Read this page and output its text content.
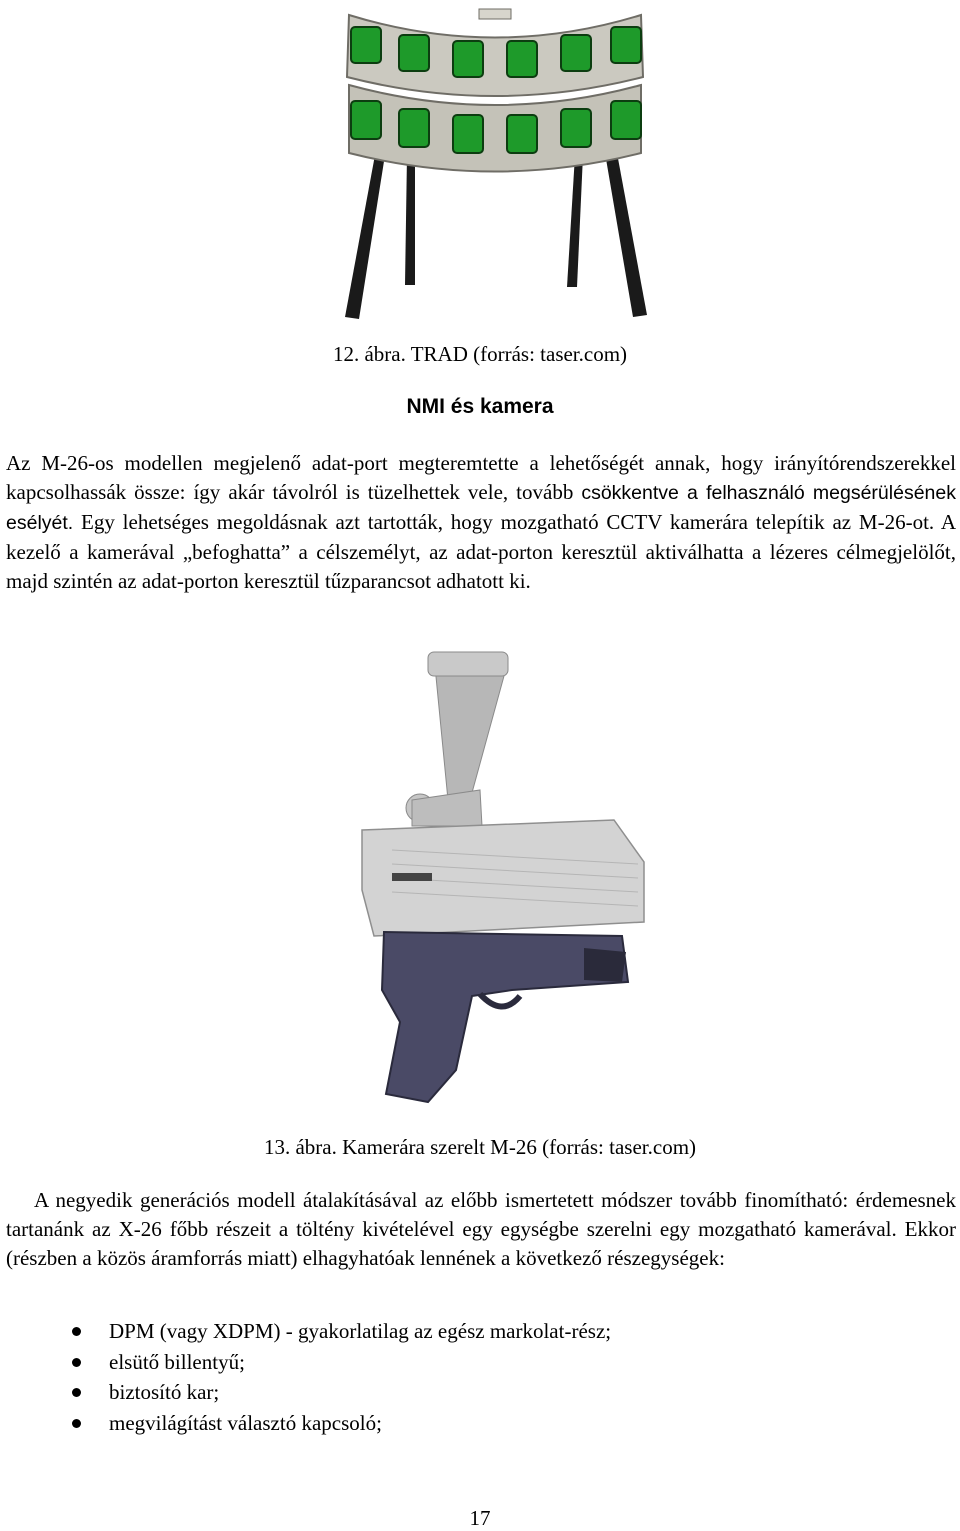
12. ábra. TRAD (forrás: taser.com)
NMI és kamera

Az M-26-os modellen megjelenő adat-port megteremtette a lehetőségét annak, hogy irányítórendszerekkel kapcsolhassák össze: így akár távolról is tüzelhettek vele, tovább csökkentve a felhasználó megsérülésének esélyét. Egy lehetséges megoldásnak azt tartották, hogy mozgatható CCTV kamerára telepítik az M-26-ot. A kezelő a kamerával „befoghatta” a célszemélyt, az adat-porton keresztül aktiválhatta a lézeres célmegjelölőt, majd szintén az adat-porton keresztül tűzparancsot adhatott ki.

13. ábra. Kamerára szerelt M-26 (forrás: taser.com)

A negyedik generációs modell átalakításával az előbb ismertetett módszer tovább finomítható: érdemesnek tartanánk az X-26 főbb részeit a töltény kivételével egy egységbe szerelni egy mozgatható kamerával. Ekkor (részben a közös áramforrás miatt) elhagyhatóak lennének a következő részegységek:

DPM (vagy XDPM) - gyakorlatilag az egész markolat-rész;
elsütő billentyű;
biztosító kar;
megvilágítást választó kapcsoló;
17
